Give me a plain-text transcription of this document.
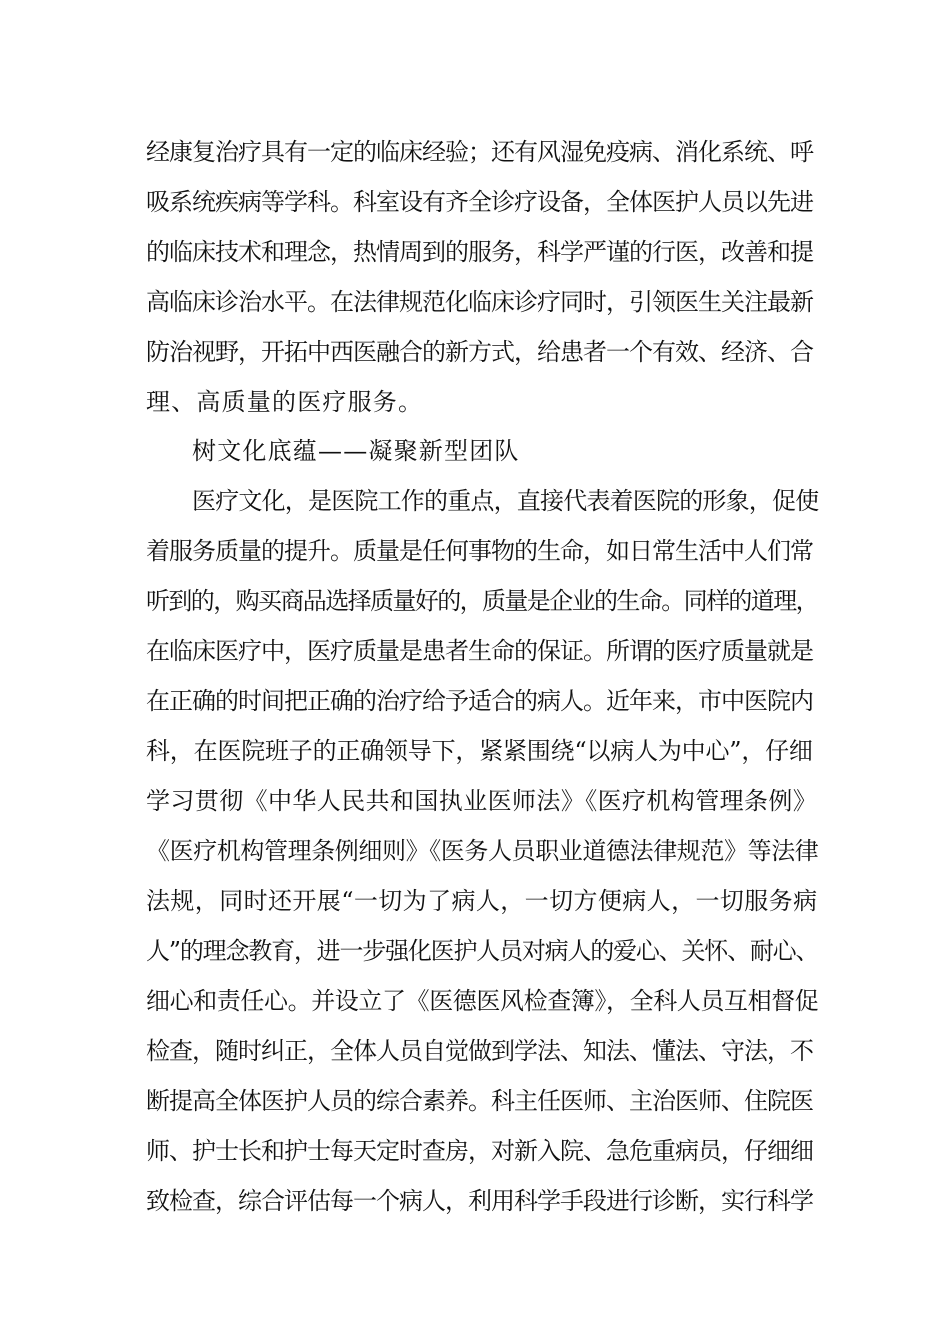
经康复治疗具有一定的临床经验；还有风湿免疫病、消化系统、呼
吸系统疾病等学科。科室设有齐全诊疗设备，全体医护人员以先进
的临床技术和理念，热情周到的服务，科学严谨的行医，改善和提
高临床诊治水平。在法律规范化临床诊疗同时，引领医生关注最新
防治视野，开拓中西医融合的新方式，给患者一个有效、经济、合
理、高质量的医疗服务。
树文化底蕴——凝聚新型团队
医疗文化，是医院工作的重点，直接代表着医院的形象，促使
着服务质量的提升。质量是任何事物的生命，如日常生活中人们常
听到的，购买商品选择质量好的，质量是企业的生命。同样的道理，
在临床医疗中，医疗质量是患者生命的保证。所谓的医疗质量就是
在正确的时间把正确的治疗给予适合的病人。近年来，市中医院内
科，在医院班子的正确领导下，紧紧围绕“以病人为中心”，仔细
学习贯彻《中华人民共和国执业医师法》《医疗机构管理条例》
《医疗机构管理条例细则》《医务人员职业道德法律规范》等法律
法规，同时还开展“一切为了病人，一切方便病人，一切服务病
人”的理念教育，进一步强化医护人员对病人的爱心、关怀、耐心、
细心和责任心。并设立了《医德医风检查簿》，全科人员互相督促
检查，随时纠正，全体人员自觉做到学法、知法、懂法、守法，不
断提高全体医护人员的综合素养。科主任医师、主治医师、住院医
师、护士长和护士每天定时查房，对新入院、急危重病员，仔细细
致检查，综合评估每一个病人，利用科学手段进行诊断，实行科学
